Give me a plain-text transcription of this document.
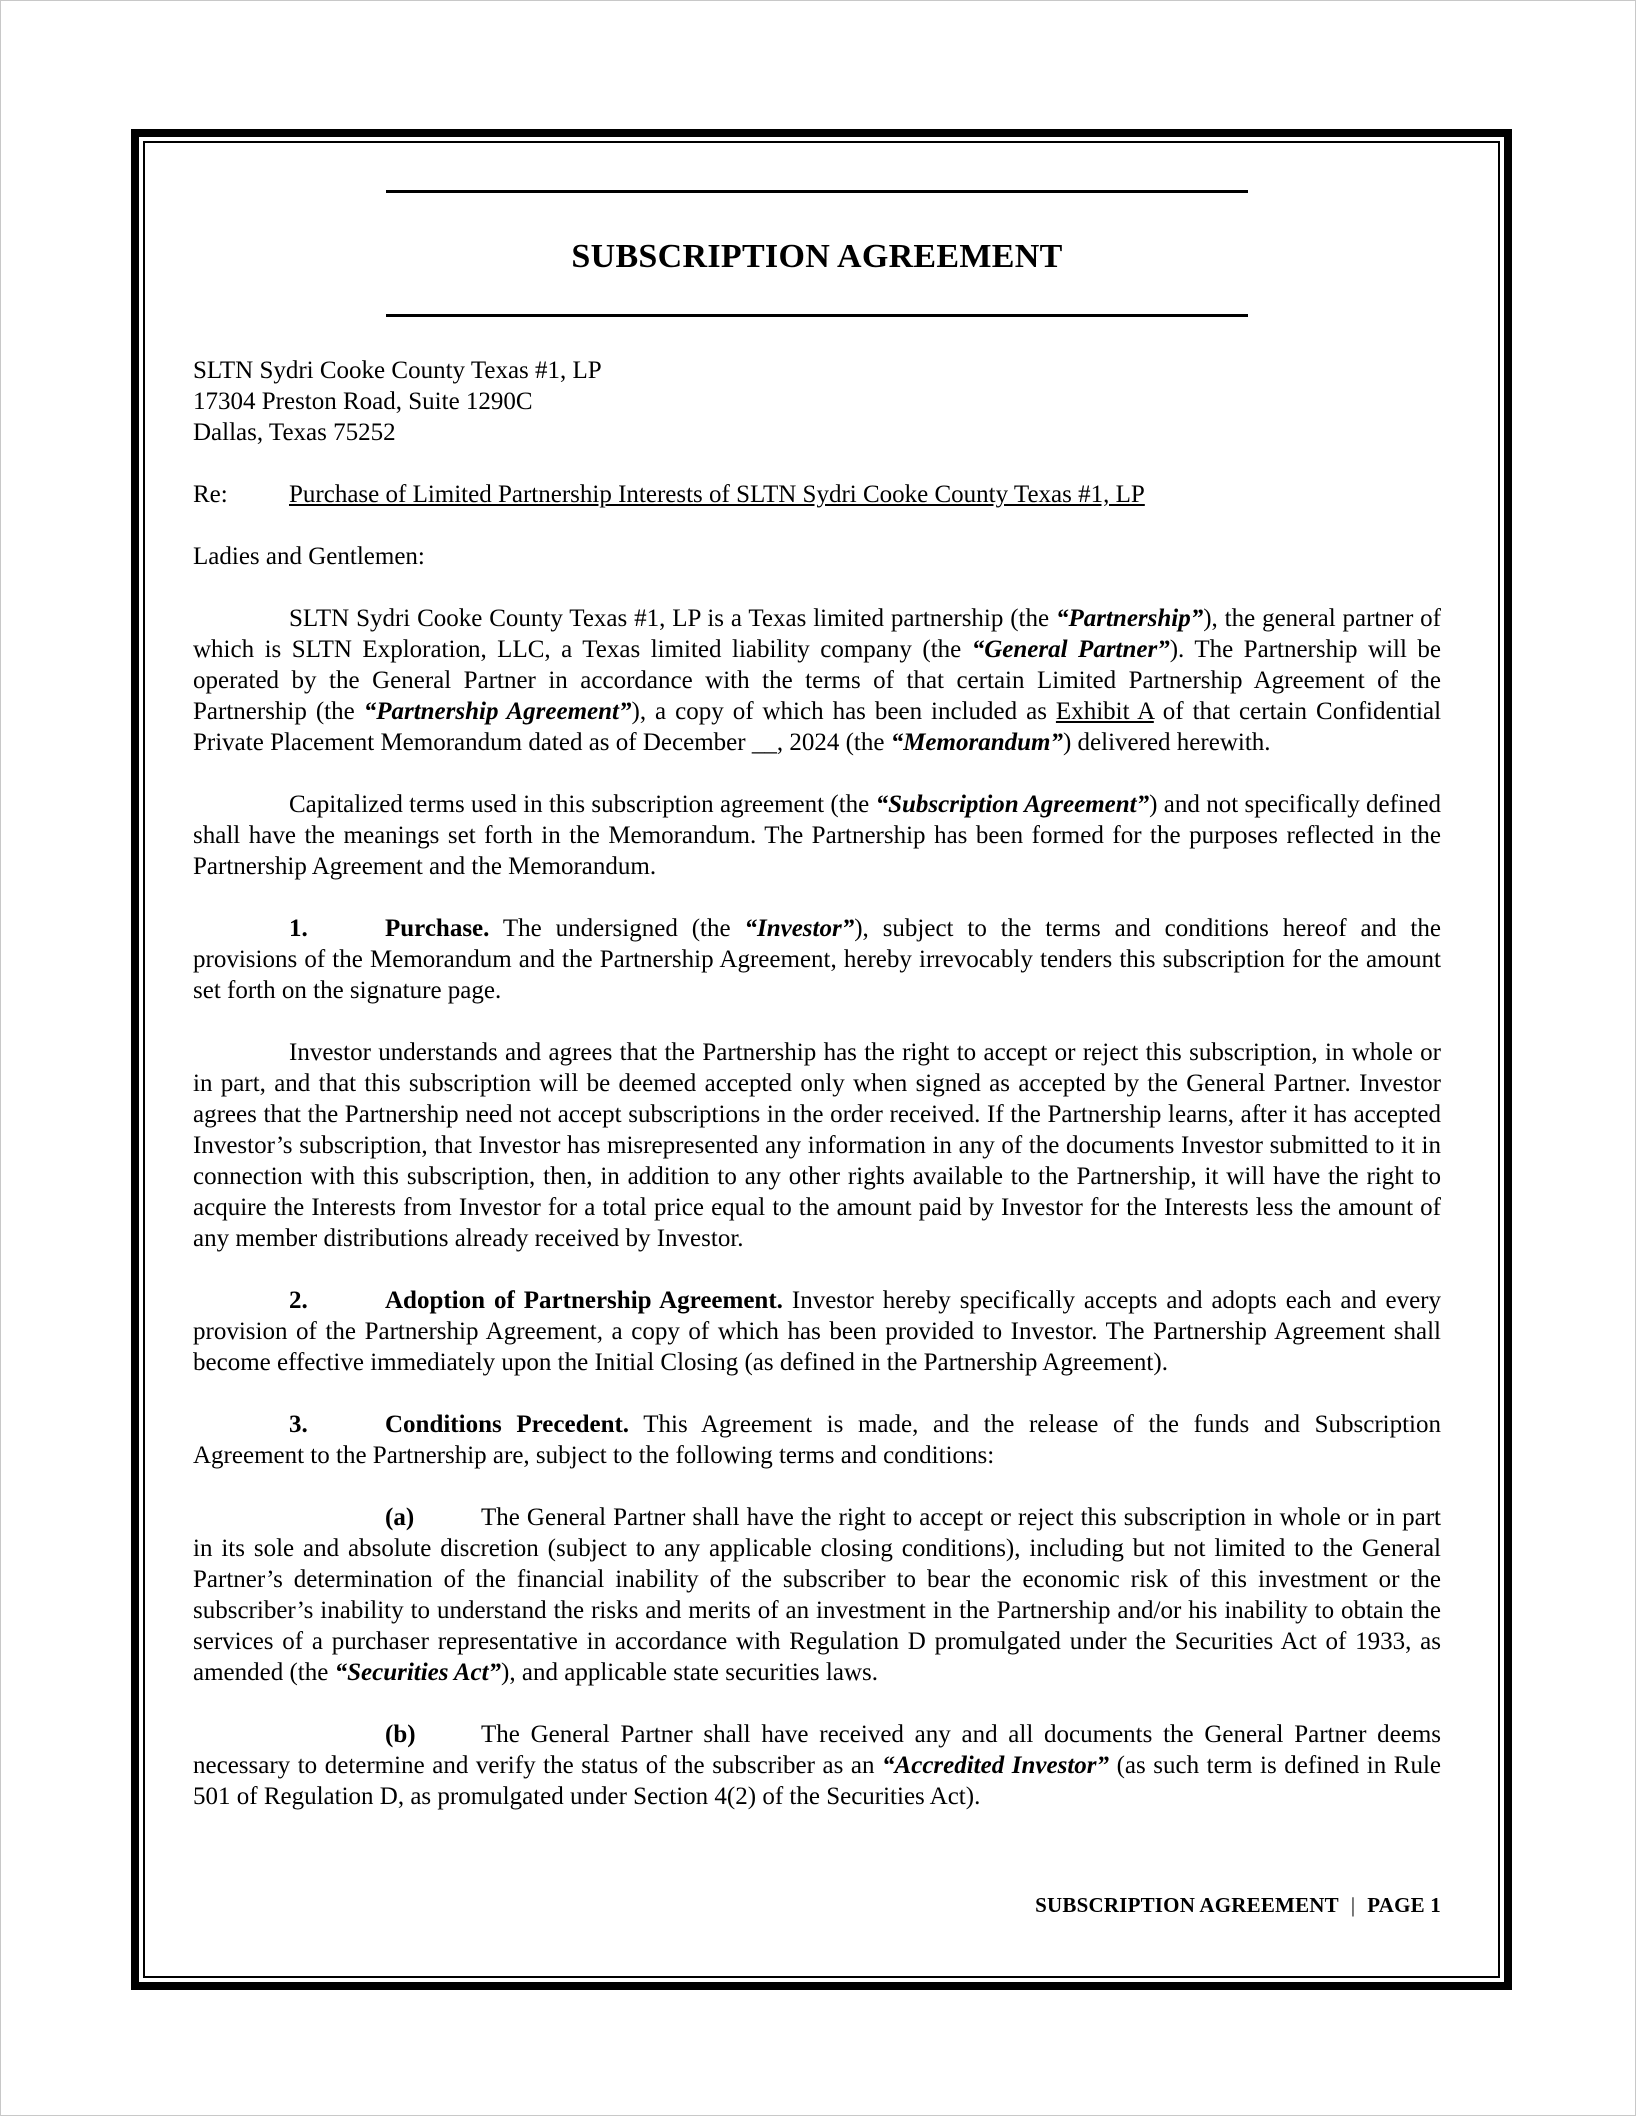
SUBSCRIPTION AGREEMENT
SLTN Sydri Cooke County Texas #1, LP
17304 Preston Road, Suite 1290C
Dallas, Texas 75252
Re:	Purchase of Limited Partnership Interests of SLTN Sydri Cooke County Texas #1, LP
Ladies and Gentlemen:

SLTN Sydri Cooke County Texas #1, LP is a Texas limited partnership (the “Partnership”), the general partner of which is SLTN Exploration, LLC, a Texas limited liability company (the “General Partner”). The Partnership will be operated by the General Partner in accordance with the terms of that certain Limited Partnership Agreement of the Partnership (the “Partnership Agreement”), a copy of which has been included as Exhibit A of that certain Confidential Private Placement Memorandum dated as of December __, 2024 (the “Memorandum”) delivered herewith.

Capitalized terms used in this subscription agreement (the “Subscription Agreement”) and not specifically defined shall have the meanings set forth in the Memorandum. The Partnership has been formed for the purposes reflected in the Partnership Agreement and the Memorandum.

1.	Purchase. The undersigned (the “Investor”), subject to the terms and conditions hereof and the provisions of the Memorandum and the Partnership Agreement, hereby irrevocably tenders this subscription for the amount set forth on the signature page.

Investor understands and agrees that the Partnership has the right to accept or reject this subscription, in whole or in part, and that this subscription will be deemed accepted only when signed as accepted by the General Partner. Investor agrees that the Partnership need not accept subscriptions in the order received. If the Partnership learns, after it has accepted Investor’s subscription, that Investor has misrepresented any information in any of the documents Investor submitted to it in connection with this subscription, then, in addition to any other rights available to the Partnership, it will have the right to acquire the Interests from Investor for a total price equal to the amount paid by Investor for the Interests less the amount of any member distributions already received by Investor.

2.	Adoption of Partnership Agreement. Investor hereby specifically accepts and adopts each and every provision of the Partnership Agreement, a copy of which has been provided to Investor. The Partnership Agreement shall become effective immediately upon the Initial Closing (as defined in the Partnership Agreement).

3.	Conditions Precedent. This Agreement is made, and the release of the funds and Subscription Agreement to the Partnership are, subject to the following terms and conditions:

(a)	The General Partner shall have the right to accept or reject this subscription in whole or in part in its sole and absolute discretion (subject to any applicable closing conditions), including but not limited to the General Partner’s determination of the financial inability of the subscriber to bear the economic risk of this investment or the subscriber’s inability to understand the risks and merits of an investment in the Partnership and/or his inability to obtain the services of a purchaser representative in accordance with Regulation D promulgated under the Securities Act of 1933, as amended (the “Securities Act”), and applicable state securities laws.

(b)	The General Partner shall have received any and all documents the General Partner deems necessary to determine and verify the status of the subscriber as an “Accredited Investor” (as such term is defined in Rule 501 of Regulation D, as promulgated under Section 4(2) of the Securities Act).

SUBSCRIPTION AGREEMENT | PAGE 1
